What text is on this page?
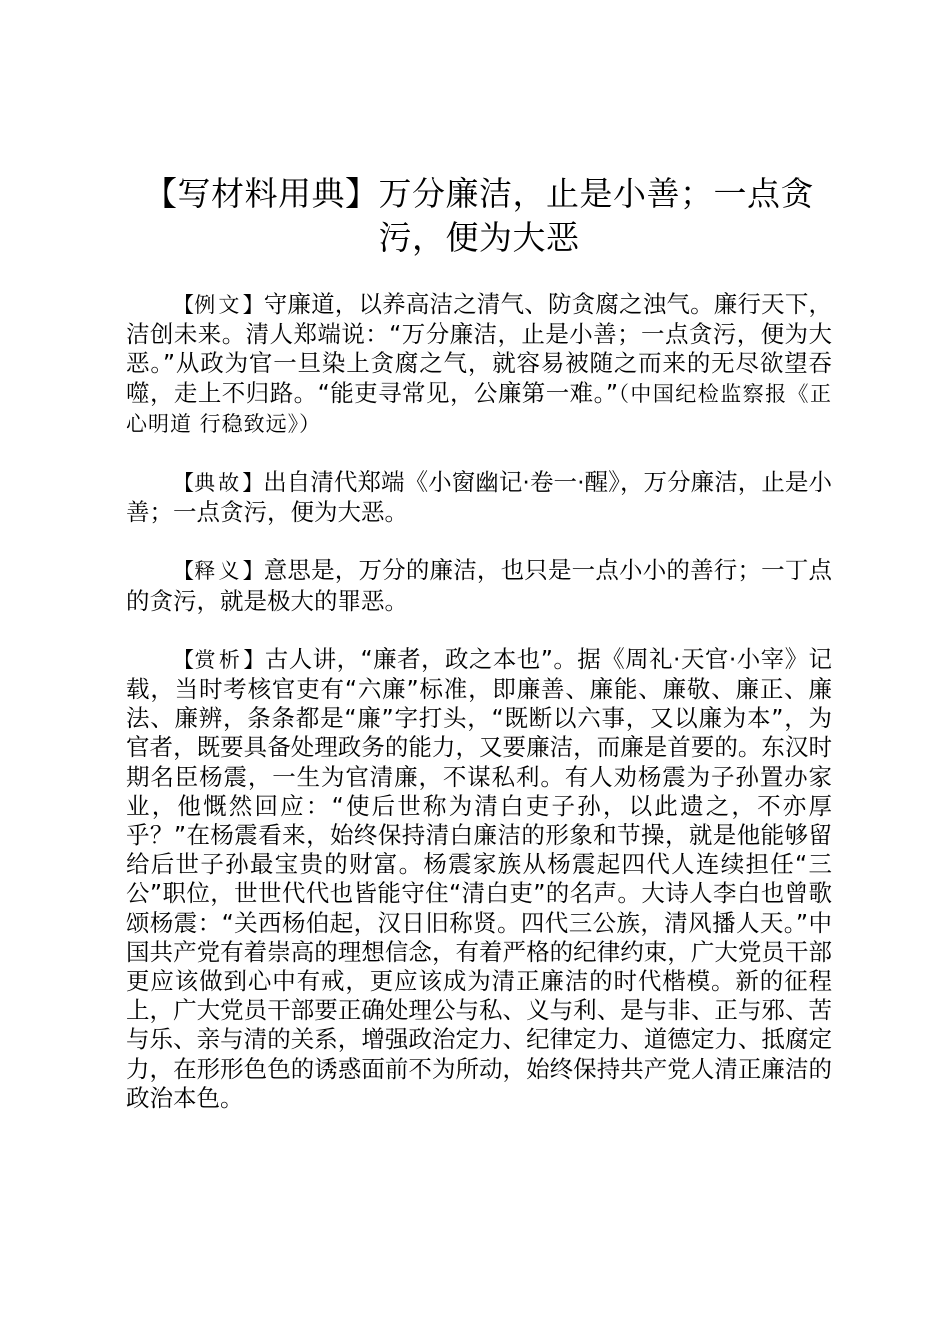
【写材料用典】万分廉洁，止是小善；一点贪污，便为大恶

【例文】守廉道，以养高洁之清气、防贪腐之浊气。廉行天下，洁创未来。清人郑端说：“万分廉洁，止是小善；一点贪污，便为大恶。”从政为官一旦染上贪腐之气，就容易被随之而来的无尽欲望吞噬，走上不归路。“能吏寻常见，公廉第一难。”（中国纪检监察报《正心明道 行稳致远》）

【典故】出自清代郑端《小窗幽记·卷一·醒》，万分廉洁，止是小善；一点贪污，便为大恶。

【释义】意思是，万分的廉洁，也只是一点小小的善行；一丁点的贪污，就是极大的罪恶。

【赏析】古人讲，“廉者，政之本也”。据《周礼·天官·小宰》记载，当时考核官吏有“六廉”标准，即廉善、廉能、廉敬、廉正、廉法、廉辨，条条都是“廉”字打头，“既断以六事，又以廉为本”，为官者，既要具备处理政务的能力，又要廉洁，而廉是首要的。东汉时期名臣杨震，一生为官清廉，不谋私利。有人劝杨震为子孙置办家业，他慨然回应：“使后世称为清白吏子孙，以此遗之，不亦厚乎？”在杨震看来，始终保持清白廉洁的形象和节操，就是他能够留给后世子孙最宝贵的财富。杨震家族从杨震起四代人连续担任“三公”职位，世世代代也皆能守住“清白吏”的名声。大诗人李白也曾歌颂杨震：“关西杨伯起，汉日旧称贤。四代三公族，清风播人天。”中国共产党有着崇高的理想信念，有着严格的纪律约束，广大党员干部更应该做到心中有戒，更应该成为清正廉洁的时代楷模。新的征程上，广大党员干部要正确处理公与私、义与利、是与非、正与邪、苦与乐、亲与清的关系，增强政治定力、纪律定力、道德定力、抵腐定力，在形形色色的诱惑面前不为所动，始终保持共产党人清正廉洁的政治本色。
